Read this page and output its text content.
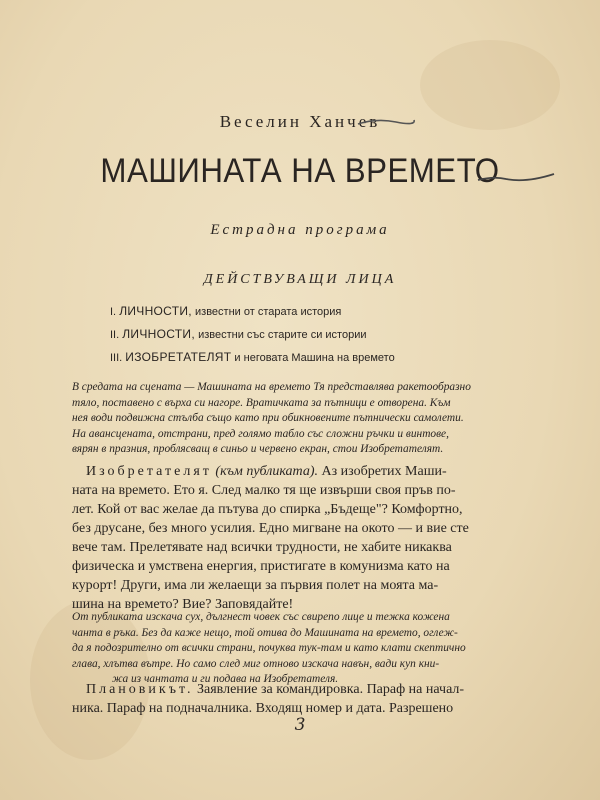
Веселин Ханчев
МАШИНАТА НА ВРЕМЕТО
Естрадна програма
ДЕЙСТВУВАЩИ ЛИЦА
I. ЛИЧНОСТИ, известни от старата история
II. ЛИЧНОСТИ, известни със старите си истории
III. ИЗОБРЕТАТЕЛЯТ и неговата Машина на времето
В средата на сцената — Машината на времето Тя представлява ракетообразно
тяло, поставено с върха си нагоре. Вратичката за пътници е отворена. Към
нея води подвижна стълба също като при обикновените пътнически самолети.
На авансцената, отстрани, пред голямо табло със сложни ръчки и винтове,
вярян в празния, проблясващ в синьо и червено екран, стои Изобретателят.
Изобретателят (към публиката). Аз изобретих Маши-
ната на времето. Ето я. След малко тя ще извърши своя пръв по-
лет. Кой от вас желае да пътува до спирка „Бъдеще"? Комфортно,
без друсане, без много усилия. Едно мигване на окото — и вие сте
вече там. Прелетявате над всички трудности, не хабите никаква
физическа и умствена енергия, пристигате в комунизма като на
курорт! Други, има ли желаещи за първия полет на моята ма-
шина на времето? Вие? Заповядайте!
От публиката изскача сух, дългнест човек със свирепо лице и тежка кожена
чанта в ръка. Без да каже нещо, той отива до Машината на времето, оглеж-
да я подозрително от всички страни, почуква тук-там и като клати скептично
глава, хлътва вътре. Но само след миг отново изскача навън, вади куп кни-
жа из чантата и ги подава на Изобретателя.
Плановикът. Заявление за командировка. Параф на начал-
ника. Параф на подначалника. Входящ номер и дата. Разрешено
3
